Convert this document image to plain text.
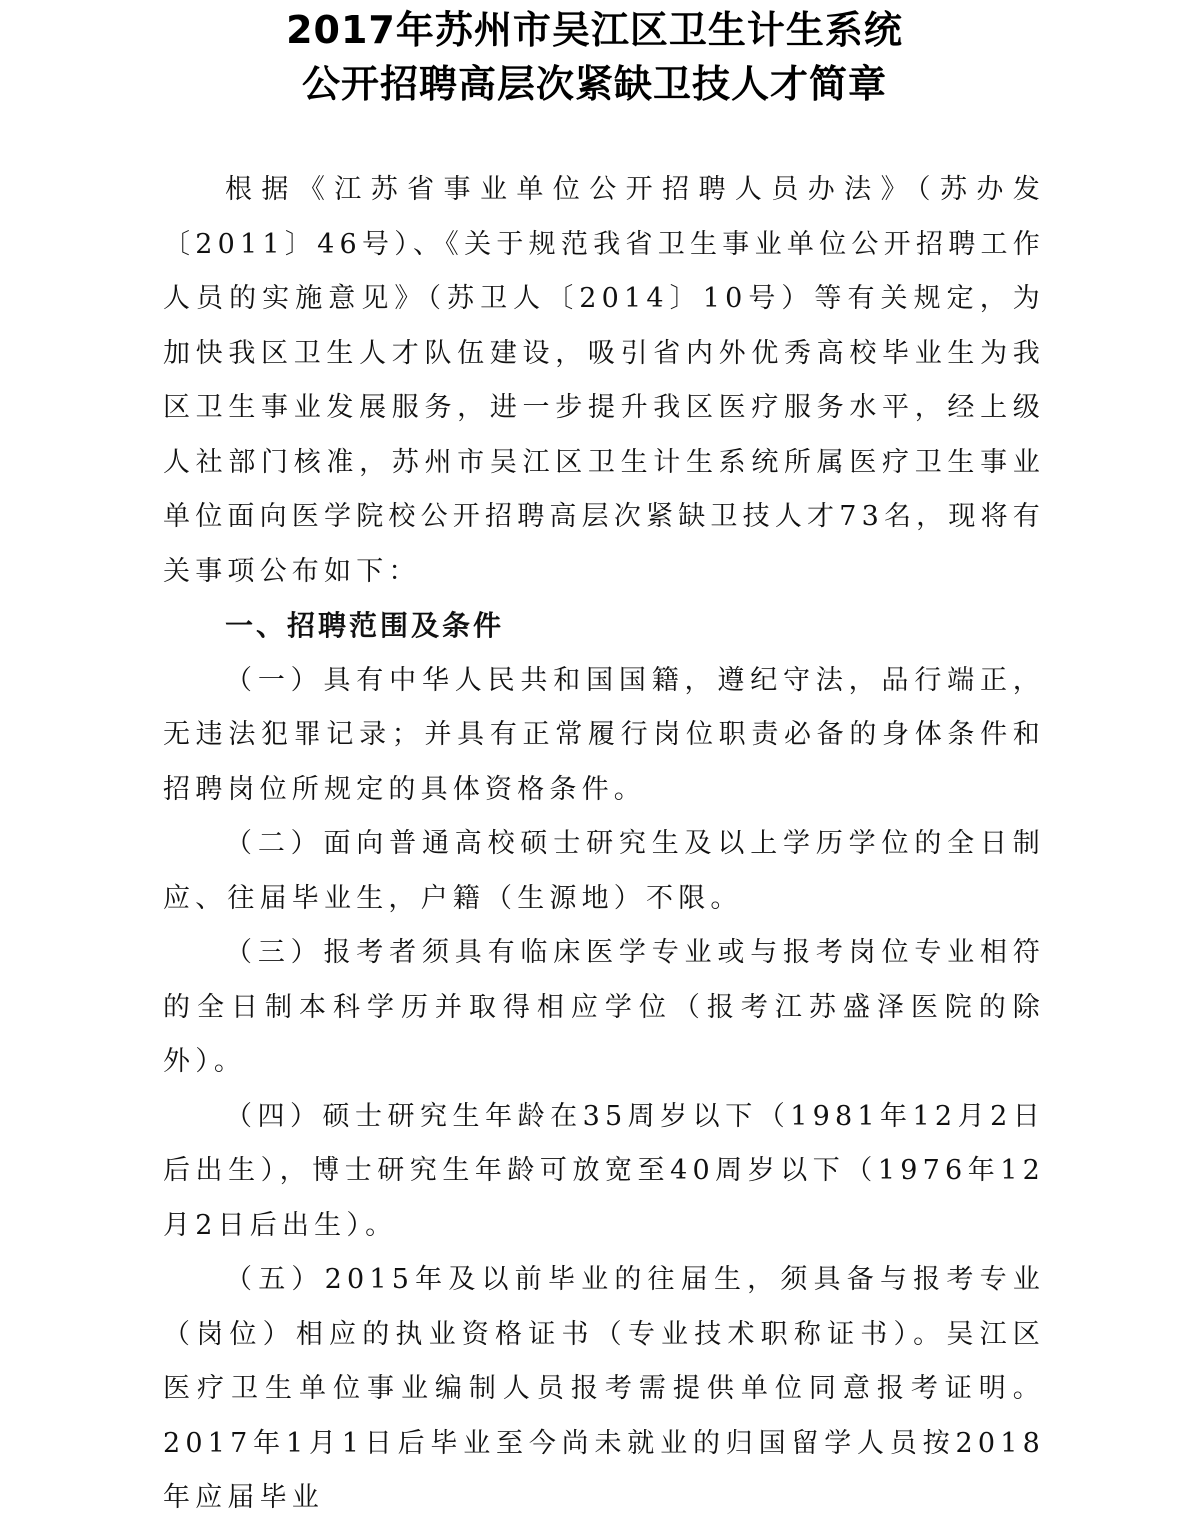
2017年苏州市吴江区卫生计生系统
公开招聘高层次紧缺卫技人才简章

根据《江苏省事业单位公开招聘人员办法》（苏办发〔2011〕46号）、《关于规范我省卫生事业单位公开招聘工作人员的实施意见》（苏卫人〔2014〕10号）等有关规定，为加快我区卫生人才队伍建设，吸引省内外优秀高校毕业生为我区卫生事业发展服务，进一步提升我区医疗服务水平，经上级人社部门核准，苏州市吴江区卫生计生系统所属医疗卫生事业单位面向医学院校公开招聘高层次紧缺卫技人才73名，现将有关事项公布如下：

一、招聘范围及条件

（一）具有中华人民共和国国籍，遵纪守法，品行端正，无违法犯罪记录；并具有正常履行岗位职责必备的身体条件和招聘岗位所规定的具体资格条件。

（二）面向普通高校硕士研究生及以上学历学位的全日制应、往届毕业生，户籍（生源地）不限。

（三）报考者须具有临床医学专业或与报考岗位专业相符的全日制本科学历并取得相应学位（报考江苏盛泽医院的除外）。

（四）硕士研究生年龄在35周岁以下（1981年12月2日后出生），博士研究生年龄可放宽至40周岁以下（1976年12月2日后出生）。

（五）2015年及以前毕业的往届生，须具备与报考专业（岗位）相应的执业资格证书（专业技术职称证书）。吴江区医疗卫生单位事业编制人员报考需提供单位同意报考证明。2017年1月1日后毕业至今尚未就业的归国留学人员按2018年应届毕业
